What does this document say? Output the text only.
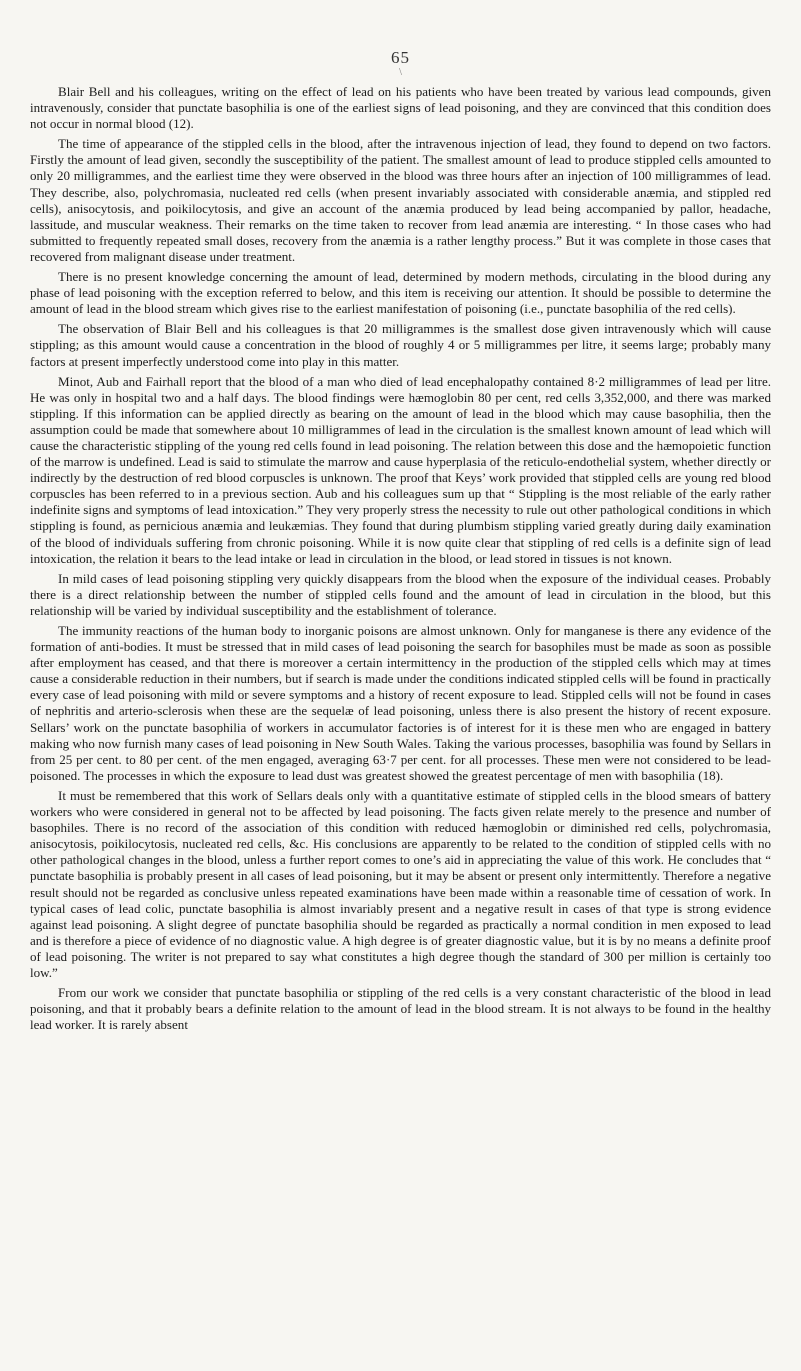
65
\

Blair Bell and his colleagues, writing on the effect of lead on his patients who have been treated by various lead compounds, given intravenously, consider that punctate basophilia is one of the earliest signs of lead poisoning, and they are convinced that this condition does not occur in normal blood (12).

The time of appearance of the stippled cells in the blood, after the intravenous injection of lead, they found to depend on two factors. Firstly the amount of lead given, secondly the susceptibility of the patient. The smallest amount of lead to produce stippled cells amounted to only 20 milligrammes, and the earliest time they were observed in the blood was three hours after an injection of 100 milligrammes of lead. They describe, also, polychromasia, nucleated red cells (when present invariably associated with considerable anæmia, and stippled red cells), anisocytosis, and poikilocytosis, and give an account of the anæmia produced by lead being accompanied by pallor, headache, lassitude, and muscular weakness. Their remarks on the time taken to recover from lead anæmia are interesting. “ In those cases who had submitted to frequently repeated small doses, recovery from the anæmia is a rather lengthy process.” But it was complete in those cases that recovered from malignant disease under treatment.

There is no present knowledge concerning the amount of lead, determined by modern methods, circulating in the blood during any phase of lead poisoning with the exception referred to below, and this item is receiving our attention. It should be possible to determine the amount of lead in the blood stream which gives rise to the earliest manifestation of poisoning (i.e., punctate basophilia of the red cells).

The observation of Blair Bell and his colleagues is that 20 milligrammes is the smallest dose given intravenously which will cause stippling; as this amount would cause a concentration in the blood of roughly 4 or 5 milligrammes per litre, it seems large; probably many factors at present imperfectly understood come into play in this matter.

Minot, Aub and Fairhall report that the blood of a man who died of lead encephalopathy contained 8·2 milligrammes of lead per litre. He was only in hospital two and a half days. The blood findings were hæmoglobin 80 per cent, red cells 3,352,000, and there was marked stippling. If this information can be applied directly as bearing on the amount of lead in the blood which may cause basophilia, then the assumption could be made that somewhere about 10 milligrammes of lead in the circulation is the smallest known amount of lead which will cause the characteristic stippling of the young red cells found in lead poisoning. The relation between this dose and the hæmopoietic function of the marrow is undefined. Lead is said to stimulate the marrow and cause hyperplasia of the reticulo-endothelial system, whether directly or indirectly by the destruction of red blood corpuscles is unknown. The proof that Keys’ work provided that stippled cells are young red blood corpuscles has been referred to in a previous section. Aub and his colleagues sum up that “ Stippling is the most reliable of the early rather indefinite signs and symptoms of lead intoxication.” They very properly stress the necessity to rule out other pathological conditions in which stippling is found, as pernicious anæmia and leukæmias. They found that during plumbism stippling varied greatly during daily examination of the blood of individuals suffering from chronic poisoning. While it is now quite clear that stippling of red cells is a definite sign of lead intoxication, the relation it bears to the lead intake or lead in circulation in the blood, or lead stored in tissues is not known.

In mild cases of lead poisoning stippling very quickly disappears from the blood when the exposure of the individual ceases. Probably there is a direct relationship between the number of stippled cells found and the amount of lead in circulation in the blood, but this relationship will be varied by individual susceptibility and the establishment of tolerance.

The immunity reactions of the human body to inorganic poisons are almost unknown. Only for manganese is there any evidence of the formation of anti-bodies. It must be stressed that in mild cases of lead poisoning the search for basophiles must be made as soon as possible after employment has ceased, and that there is moreover a certain intermittency in the production of the stippled cells which may at times cause a considerable reduction in their numbers, but if search is made under the conditions indicated stippled cells will be found in practically every case of lead poisoning with mild or severe symptoms and a history of recent exposure to lead. Stippled cells will not be found in cases of nephritis and arterio-sclerosis when these are the sequelæ of lead poisoning, unless there is also present the history of recent exposure. Sellars’ work on the punctate basophilia of workers in accumulator factories is of interest for it is these men who are engaged in battery making who now furnish many cases of lead poisoning in New South Wales. Taking the various processes, basophilia was found by Sellars in from 25 per cent. to 80 per cent. of the men engaged, averaging 63·7 per cent. for all processes. These men were not considered to be lead-poisoned. The processes in which the exposure to lead dust was greatest showed the greatest percentage of men with basophilia (18).

It must be remembered that this work of Sellars deals only with a quantitative estimate of stippled cells in the blood smears of battery workers who were considered in general not to be affected by lead poisoning. The facts given relate merely to the presence and number of basophiles. There is no record of the association of this condition with reduced hæmoglobin or diminished red cells, polychromasia, anisocytosis, poikilocytosis, nucleated red cells, &c. His conclusions are apparently to be related to the condition of stippled cells with no other pathological changes in the blood, unless a further report comes to one’s aid in appreciating the value of this work. He concludes that “ punctate basophilia is probably present in all cases of lead poisoning, but it may be absent or present only intermittently. Therefore a negative result should not be regarded as conclusive unless repeated examinations have been made within a reasonable time of cessation of work. In typical cases of lead colic, punctate basophilia is almost invariably present and a negative result in cases of that type is strong evidence against lead poisoning. A slight degree of punctate basophilia should be regarded as practically a normal condition in men exposed to lead and is therefore a piece of evidence of no diagnostic value. A high degree is of greater diagnostic value, but it is by no means a definite proof of lead poisoning. The writer is not prepared to say what constitutes a high degree though the standard of 300 per million is certainly too low.”

From our work we consider that punctate basophilia or stippling of the red cells is a very constant characteristic of the blood in lead poisoning, and that it probably bears a definite relation to the amount of lead in the blood stream. It is not always to be found in the healthy lead worker. It is rarely absent
